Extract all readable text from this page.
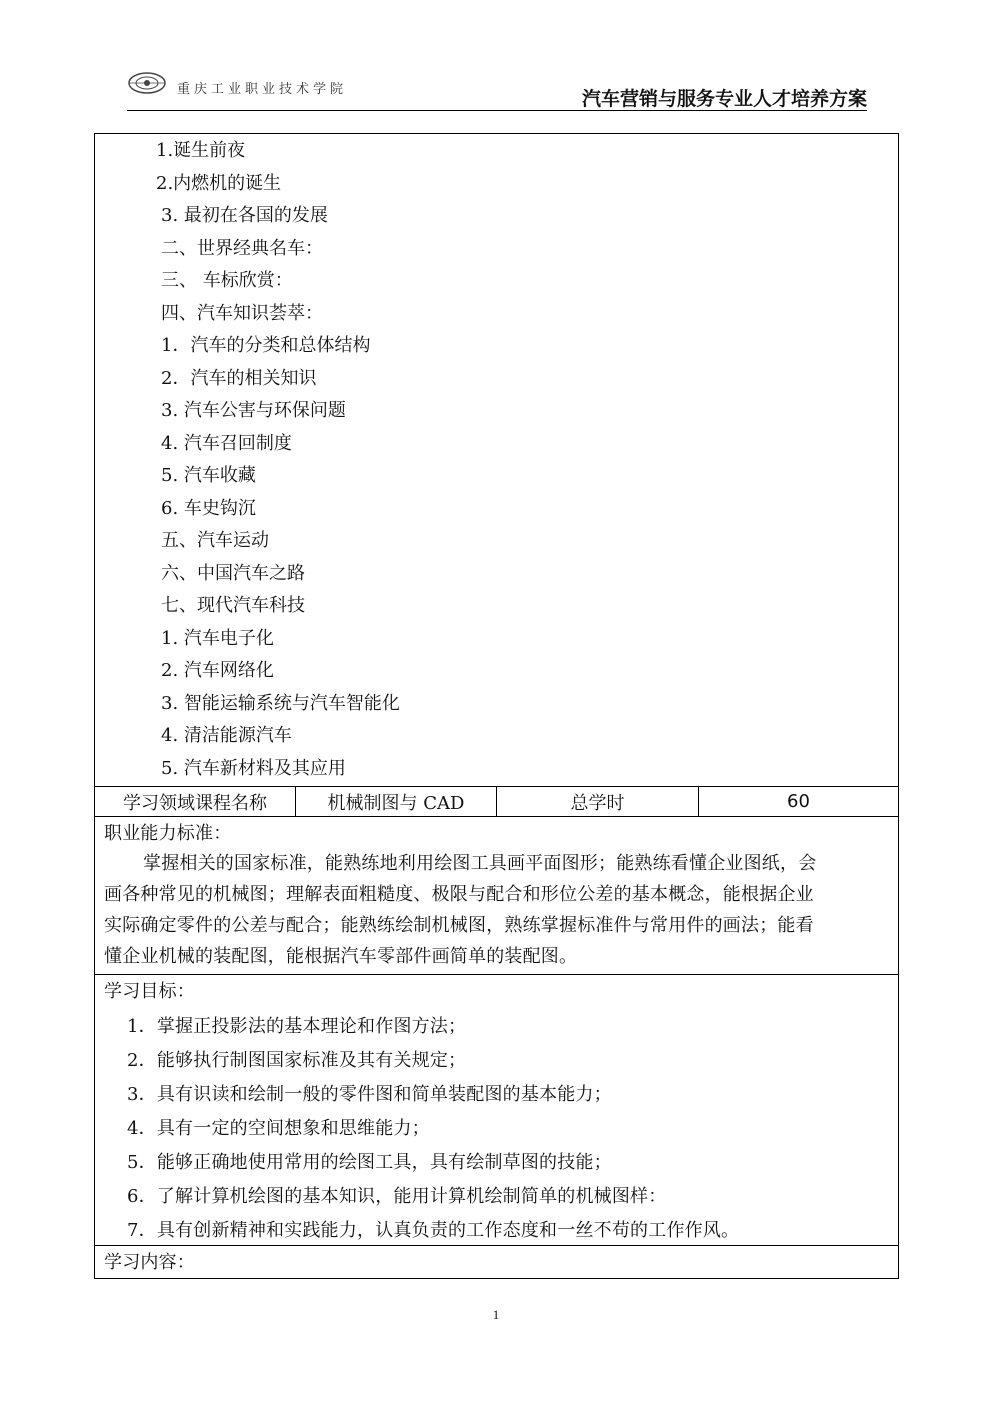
重庆工业职业技术学院	汽车营销与服务专业人才培养方案
1.诞生前夜
2.内燃机的诞生
3. 最初在各国的发展
二、世界经典名车：
三、 车标欣赏：
四、汽车知识荟萃：
1．汽车的分类和总体结构
2．汽车的相关知识
3. 汽车公害与环保问题
4. 汽车召回制度
5. 汽车收藏
6. 车史钩沉
五、汽车运动
六、中国汽车之路
七、现代汽车科技
1. 汽车电子化
2. 汽车网络化
3. 智能运输系统与汽车智能化
4. 清洁能源汽车
5. 汽车新材料及其应用
学习领域课程名称	机械制图与 CAD	总学时	60
职业能力标准：
掌握相关的国家标准，能熟练地利用绘图工具画平面图形；能熟练看懂企业图纸，会
画各种常见的机械图；理解表面粗糙度、极限与配合和形位公差的基本概念，能根据企业
实际确定零件的公差与配合；能熟练绘制机械图，熟练掌握标准件与常用件的画法；能看
懂企业机械的装配图，能根据汽车零部件画简单的装配图。
学习目标：
1．掌握正投影法的基本理论和作图方法；
2．能够执行制图国家标准及其有关规定；
3．具有识读和绘制一般的零件图和简单装配图的基本能力；
4．具有一定的空间想象和思维能力；
5．能够正确地使用常用的绘图工具，具有绘制草图的技能；
6．了解计算机绘图的基本知识，能用计算机绘制简单的机械图样：
7．具有创新精神和实践能力，认真负责的工作态度和一丝不苟的工作作风。
学习内容：
1
